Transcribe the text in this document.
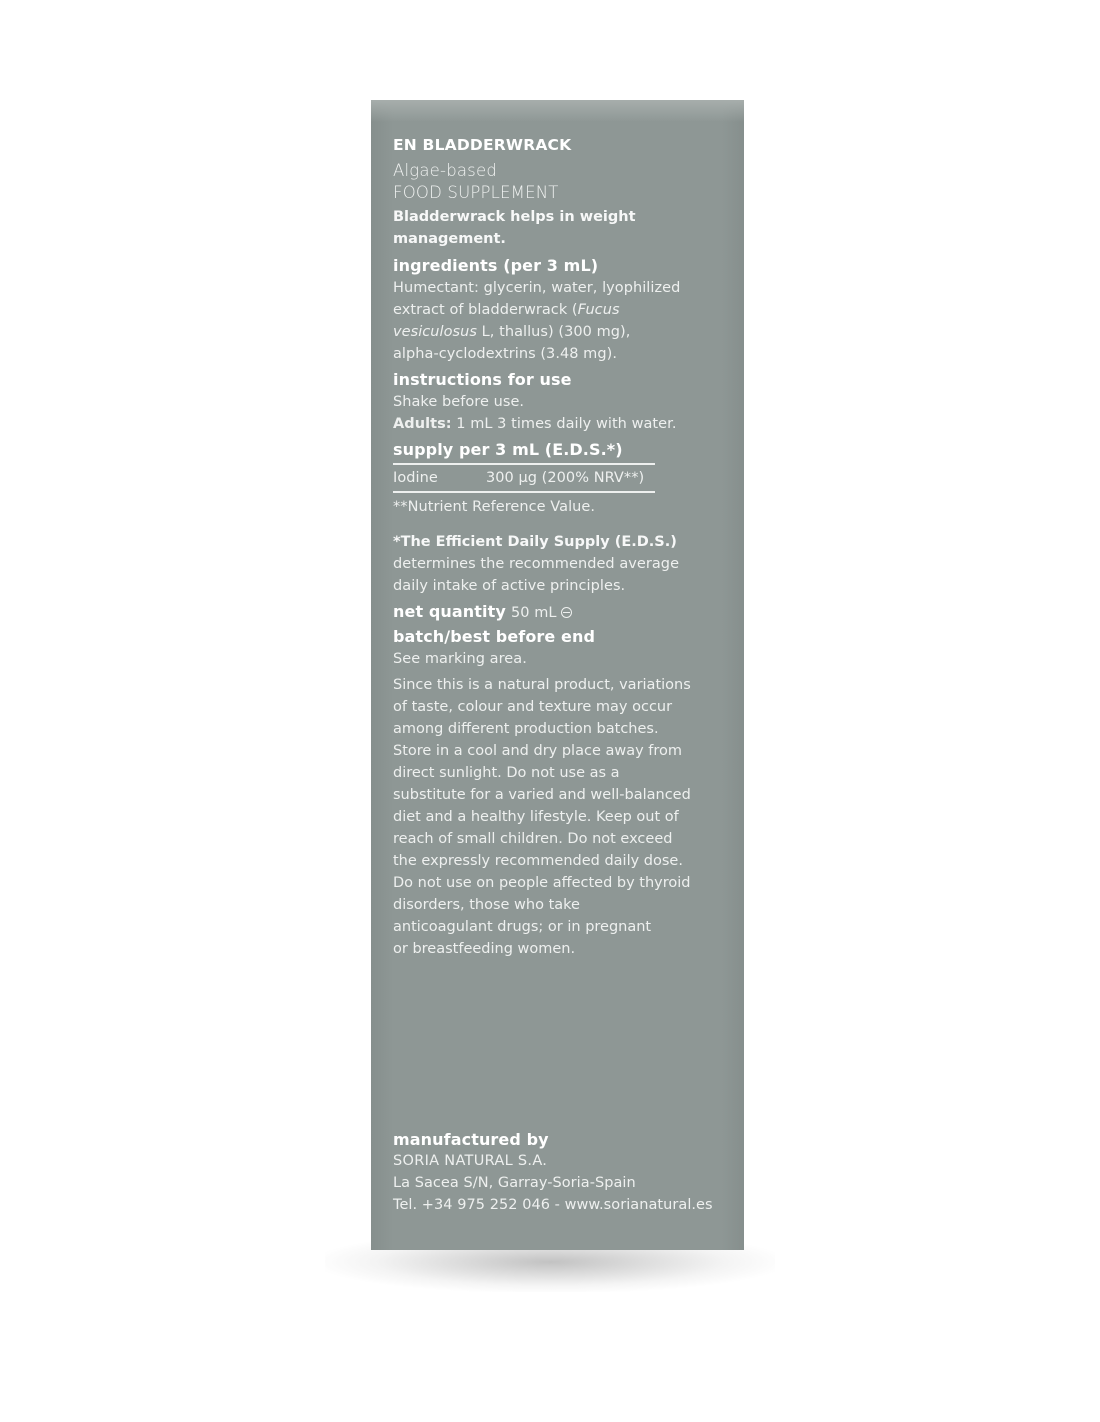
EN BLADDERWRACK

Algae-based

FOOD SUPPLEMENT

Bladderwrack helps in weight

management.

ingredients (per 3 mL)

Humectant: glycerin, water, lyophilized

extract of bladderwrack (Fucus

vesiculosus L, thallus) (300 mg),

alpha-cyclodextrins (3.48 mg).

instructions for use

Shake before use.

Adults: 1 mL 3 times daily with water.

supply per 3 mL (E.D.S.*)

Iodine	300 μg (200% NRV**)

**Nutrient Reference Value.

*The Efficient Daily Supply (E.D.S.)

determines the recommended average

daily intake of active principles.

net quantity 50 mL

batch/best before end

See marking area.

Since this is a natural product, variations
of taste, colour and texture may occur
among different production batches.
Store in a cool and dry place away from
direct sunlight. Do not use as a
substitute for a varied and well-balanced
diet and a healthy lifestyle. Keep out of
reach of small children. Do not exceed
the expressly recommended daily dose.
Do not use on people affected by thyroid
disorders, those who take
anticoagulant drugs; or in pregnant
or breastfeeding women.

manufactured by

SORIA NATURAL S.A.

La Sacea S/N, Garray-Soria-Spain

Tel. +34 975 252 046 - www.sorianatural.es
